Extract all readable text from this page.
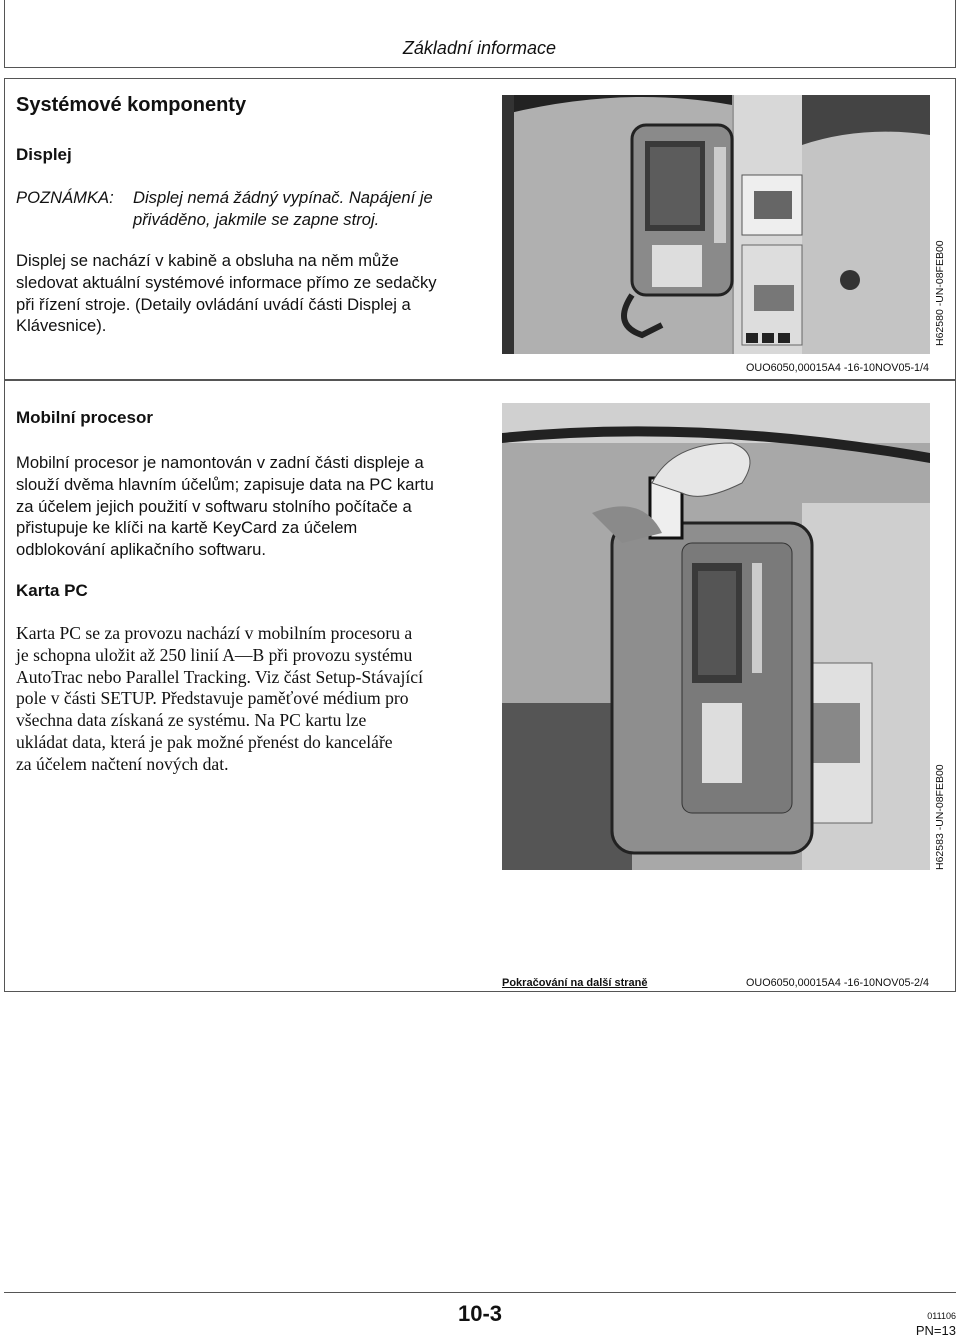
Základní informace
Systémové komponenty
Displej
POZNÁMKA: Displej nemá žádný vypínač. Napájení je
přiváděno, jakmile se zapne stroj.
Displej se nachází v kabině a obsluha na něm může
sledovat aktuální systémové informace přímo ze sedačky
při řízení stroje. (Detaily ovládání uvádí části Displej a
Klávesnice).	H62580 -UN-08FEB00
OUO6050,00015A4 -16-10NOV05-1/4
Mobilní procesor
Mobilní procesor je namontován v zadní části displeje a
slouží dvěma hlavním účelům; zapisuje data na PC kartu
za účelem jejich použití v softwaru stolního počítače a
přistupuje ke klíči na kartě KeyCard za účelem
odblokování aplikačního softwaru.
Karta PC
Karta PC se za provozu nachází v mobilním procesoru a
je schopna uložit až 250 linií A—B při provozu systému
AutoTrac nebo Parallel Tracking. Viz část Setup-Stávající
pole v části SETUP. Představuje paměťové médium pro
všechna data získaná ze systému. Na PC kartu lze
ukládat data, která je pak možné přenést do kanceláře
za účelem načtení nových dat.
H62583 -UN-08FEB00
Pokračování na další straně	OUO6050,00015A4 -16-10NOV05-2/4
10-3	011106
PN=13
